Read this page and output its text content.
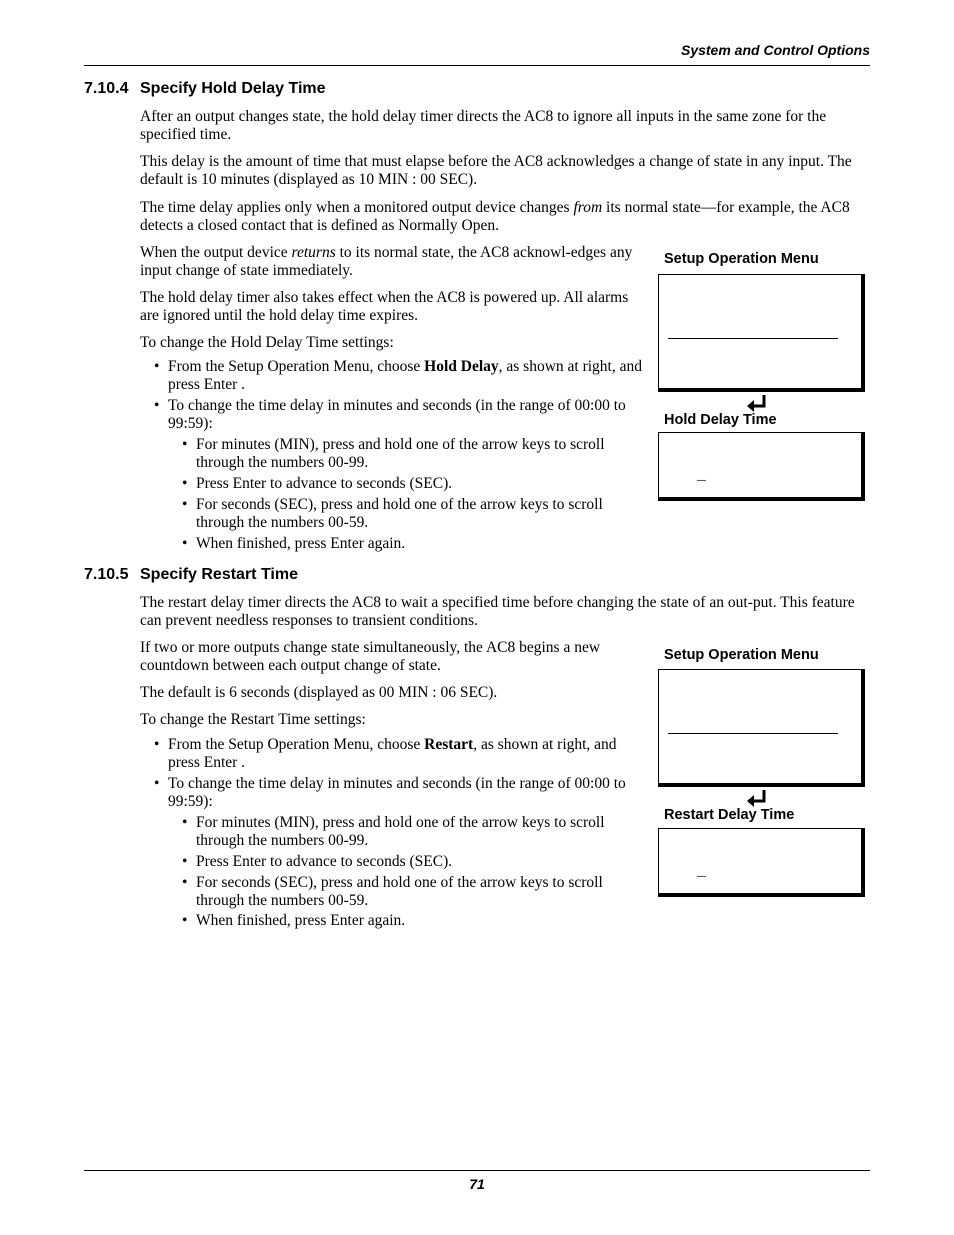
System and Control Options
7.10.4 Specify Hold Delay Time
After an output changes state, the hold delay timer directs the AC8 to ignore all inputs in the same zone for the specified time.
This delay is the amount of time that must elapse before the AC8 acknowledges a change of state in any input. The default is 10 minutes (displayed as 10 MIN : 00 SEC).
The time delay applies only when a monitored output device changes from its normal state—for example, the AC8 detects a closed contact that is defined as Normally Open.
When the output device returns to its normal state, the AC8 acknowl-edges any input change of state immediately.
The hold delay timer also takes effect when the AC8 is powered up. All alarms are ignored until the hold delay time expires.
To change the Hold Delay Time settings:
• From the Setup Operation Menu, choose Hold Delay, as shown at right, and press Enter .
• To change the time delay in minutes and seconds (in the range of 00:00 to 99:59):
• For minutes (MIN), press and hold one of the arrow keys to scroll through the numbers 00-99.
• Press Enter to advance to seconds (SEC).
• For seconds (SEC), press and hold one of the arrow keys to scroll through the numbers 00-59.
• When finished, press Enter again.
Setup Operation Menu
Hold Delay Time
_
7.10.5 Specify Restart Time
The restart delay timer directs the AC8 to wait a specified time before changing the state of an out-put. This feature can prevent needless responses to transient conditions.
If two or more outputs change state simultaneously, the AC8 begins a new countdown between each output change of state.
The default is 6 seconds (displayed as 00 MIN : 06 SEC).
To change the Restart Time settings:
• From the Setup Operation Menu, choose Restart, as shown at right, and press Enter .
• To change the time delay in minutes and seconds (in the range of 00:00 to 99:59):
• For minutes (MIN), press and hold one of the arrow keys to scroll through the numbers 00-99.
• Press Enter to advance to seconds (SEC).
• For seconds (SEC), press and hold one of the arrow keys to scroll through the numbers 00-59.
• When finished, press Enter again.
Setup Operation Menu
Restart Delay Time
_
71
